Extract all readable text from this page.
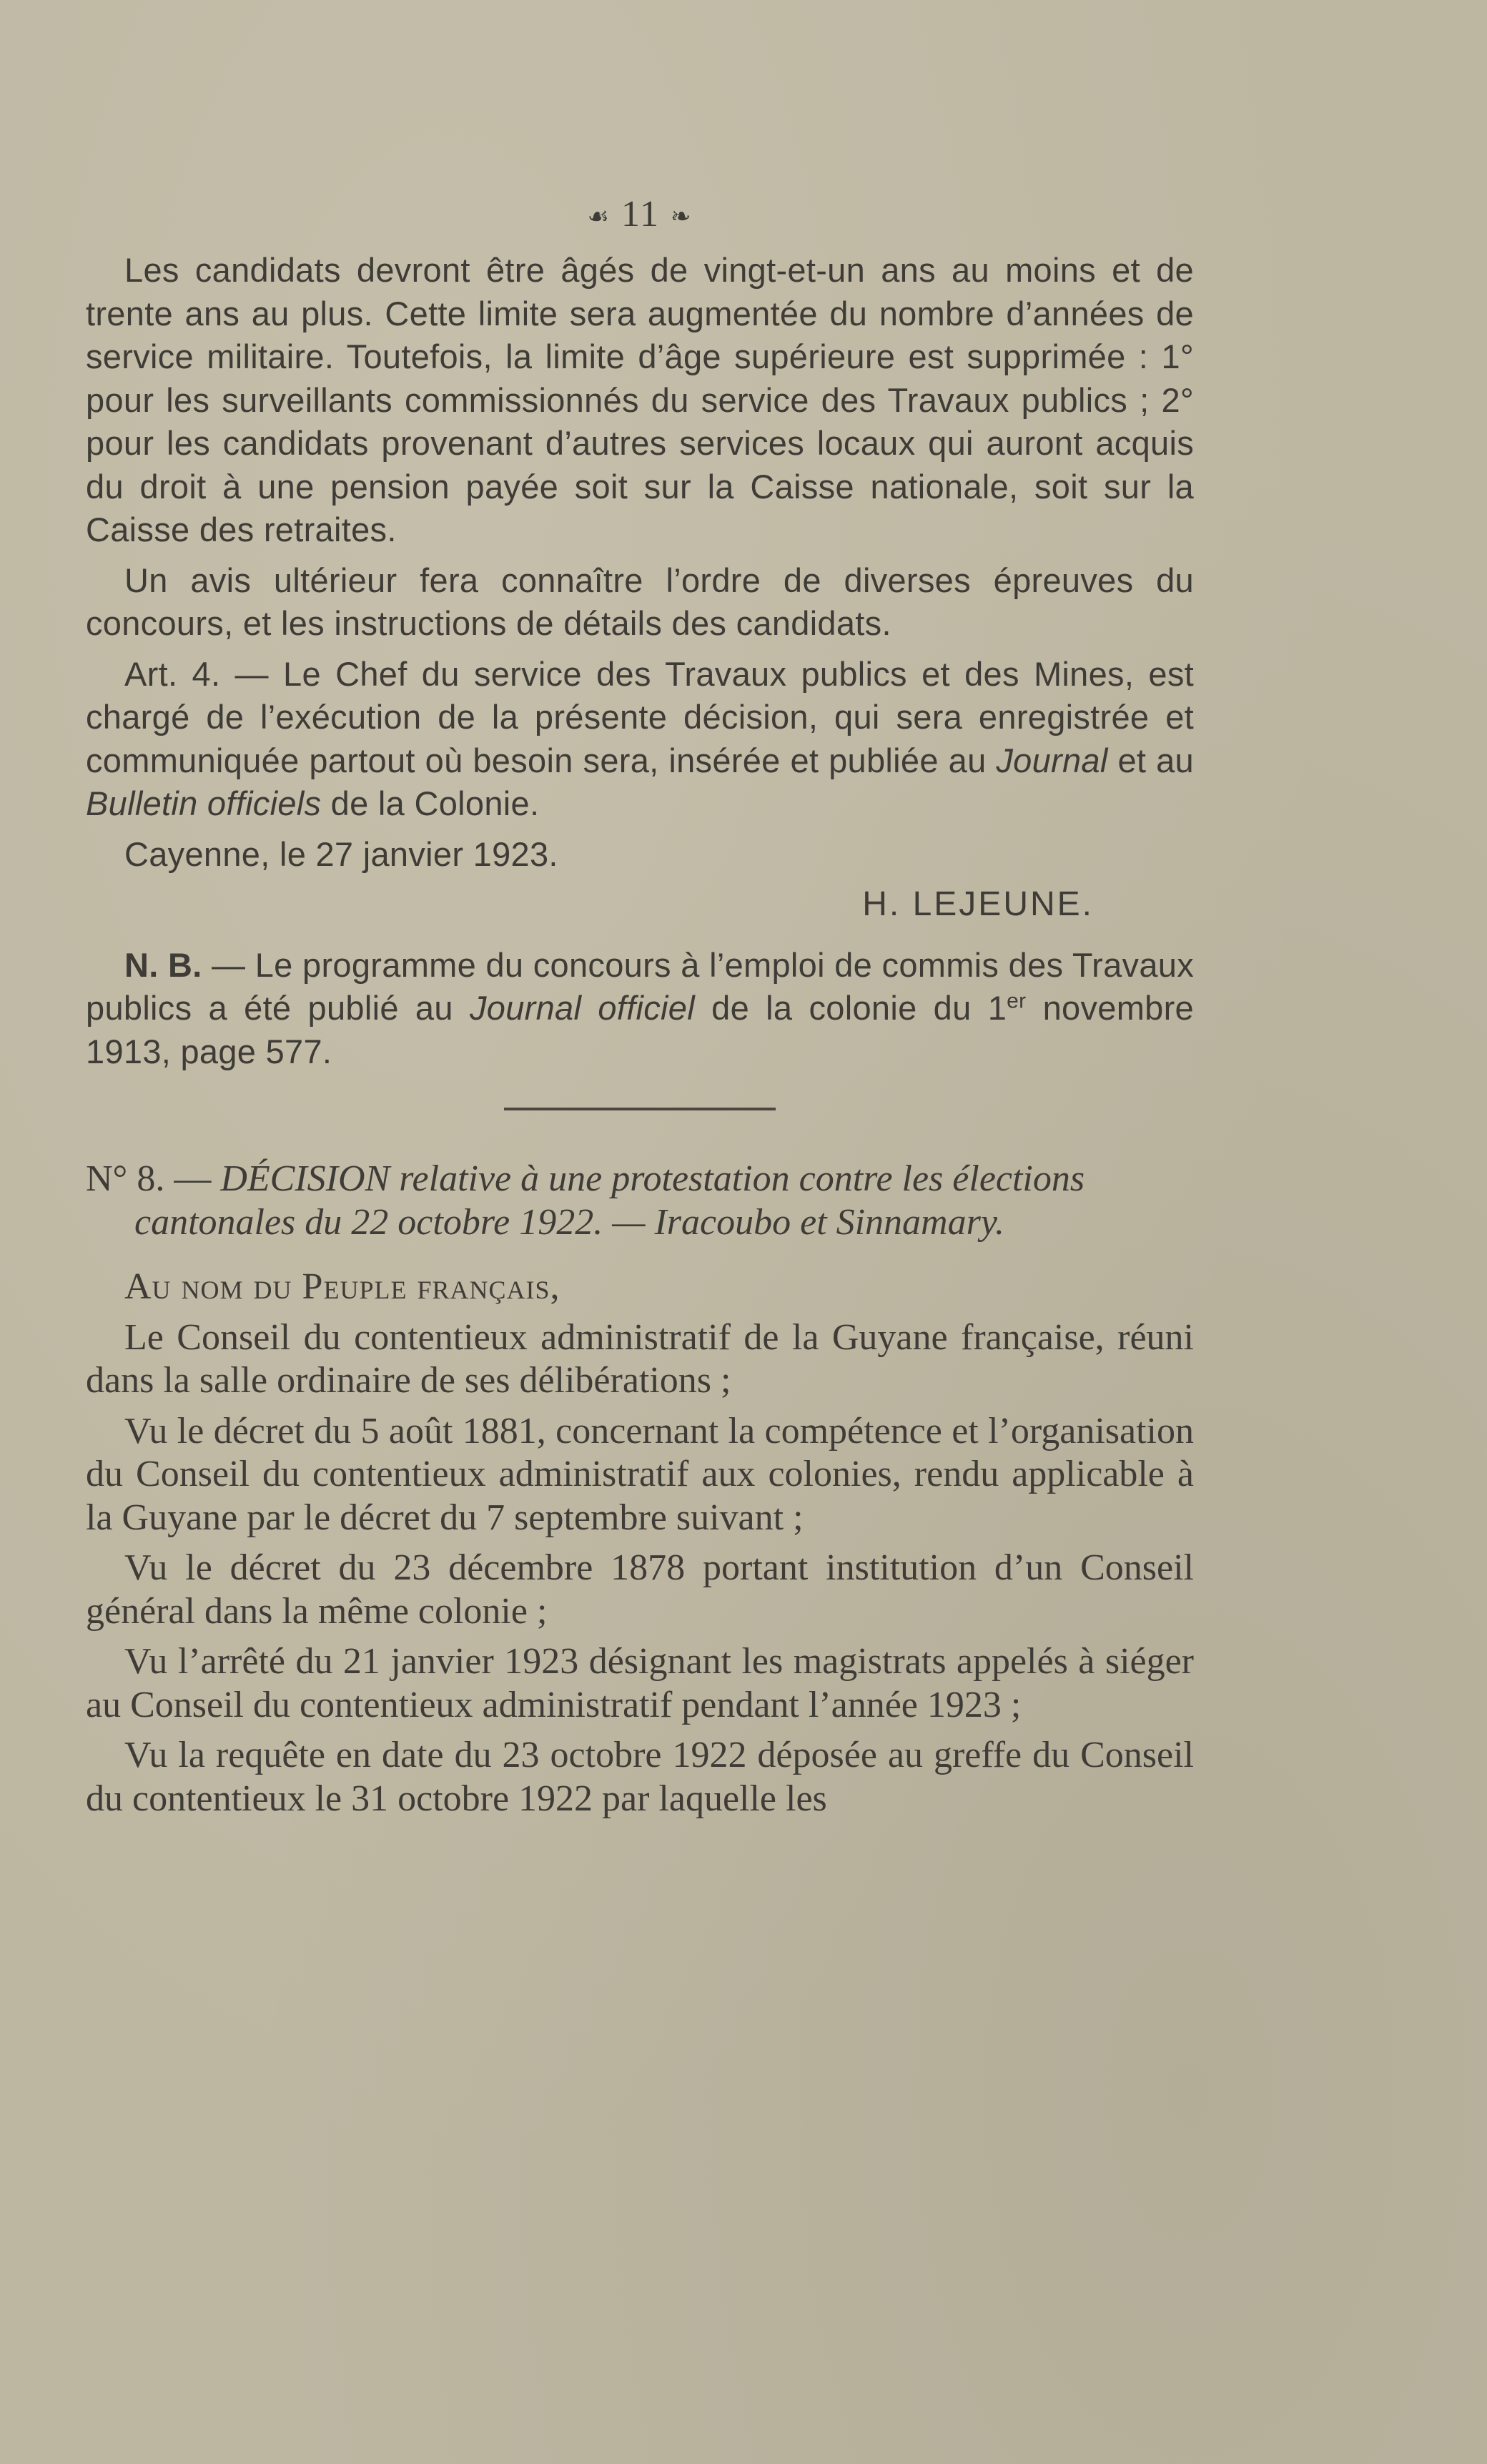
☙ 11 ❧

Les candidats devront être âgés de vingt-et-un ans au moins et de trente ans au plus. Cette limite sera augmentée du nombre d’années de service militaire. Toutefois, la limite d’âge supérieure est supprimée : 1° pour les surveillants commissionnés du service des Travaux publics ; 2° pour les candidats provenant d’autres services locaux qui auront acquis du droit à une pension payée soit sur la Caisse nationale, soit sur la Caisse des retraites.

Un avis ultérieur fera connaître l’ordre de diverses épreuves du concours, et les instructions de détails des candidats.

Art. 4. — Le Chef du service des Travaux publics et des Mines, est chargé de l’exécution de la présente décision, qui sera enregistrée et communiquée partout où besoin sera, insérée et publiée au Journal et au Bulletin officiels de la Colonie.

Cayenne, le 27 janvier 1923.

H. LEJEUNE.

N. B. — Le programme du concours à l’emploi de commis des Travaux publics a été publié au Journal officiel de la colonie du 1er novembre 1913, page 577.

N° 8. — DÉCISION relative à une protestation contre les élections cantonales du 22 octobre 1922. — Iracoubo et Sinnamary.

Au nom du Peuple français,

Le Conseil du contentieux administratif de la Guyane française, réuni dans la salle ordinaire de ses délibérations ;

Vu le décret du 5 août 1881, concernant la compétence et l’organisation du Conseil du contentieux administratif aux colonies, rendu applicable à la Guyane par le décret du 7 septembre suivant ;

Vu le décret du 23 décembre 1878 portant institution d’un Conseil général dans la même colonie ;

Vu l’arrêté du 21 janvier 1923 désignant les magistrats appelés à siéger au Conseil du contentieux administratif pendant l’année 1923 ;

Vu la requête en date du 23 octobre 1922 déposée au greffe du Conseil du contentieux le 31 octobre 1922 par laquelle les
